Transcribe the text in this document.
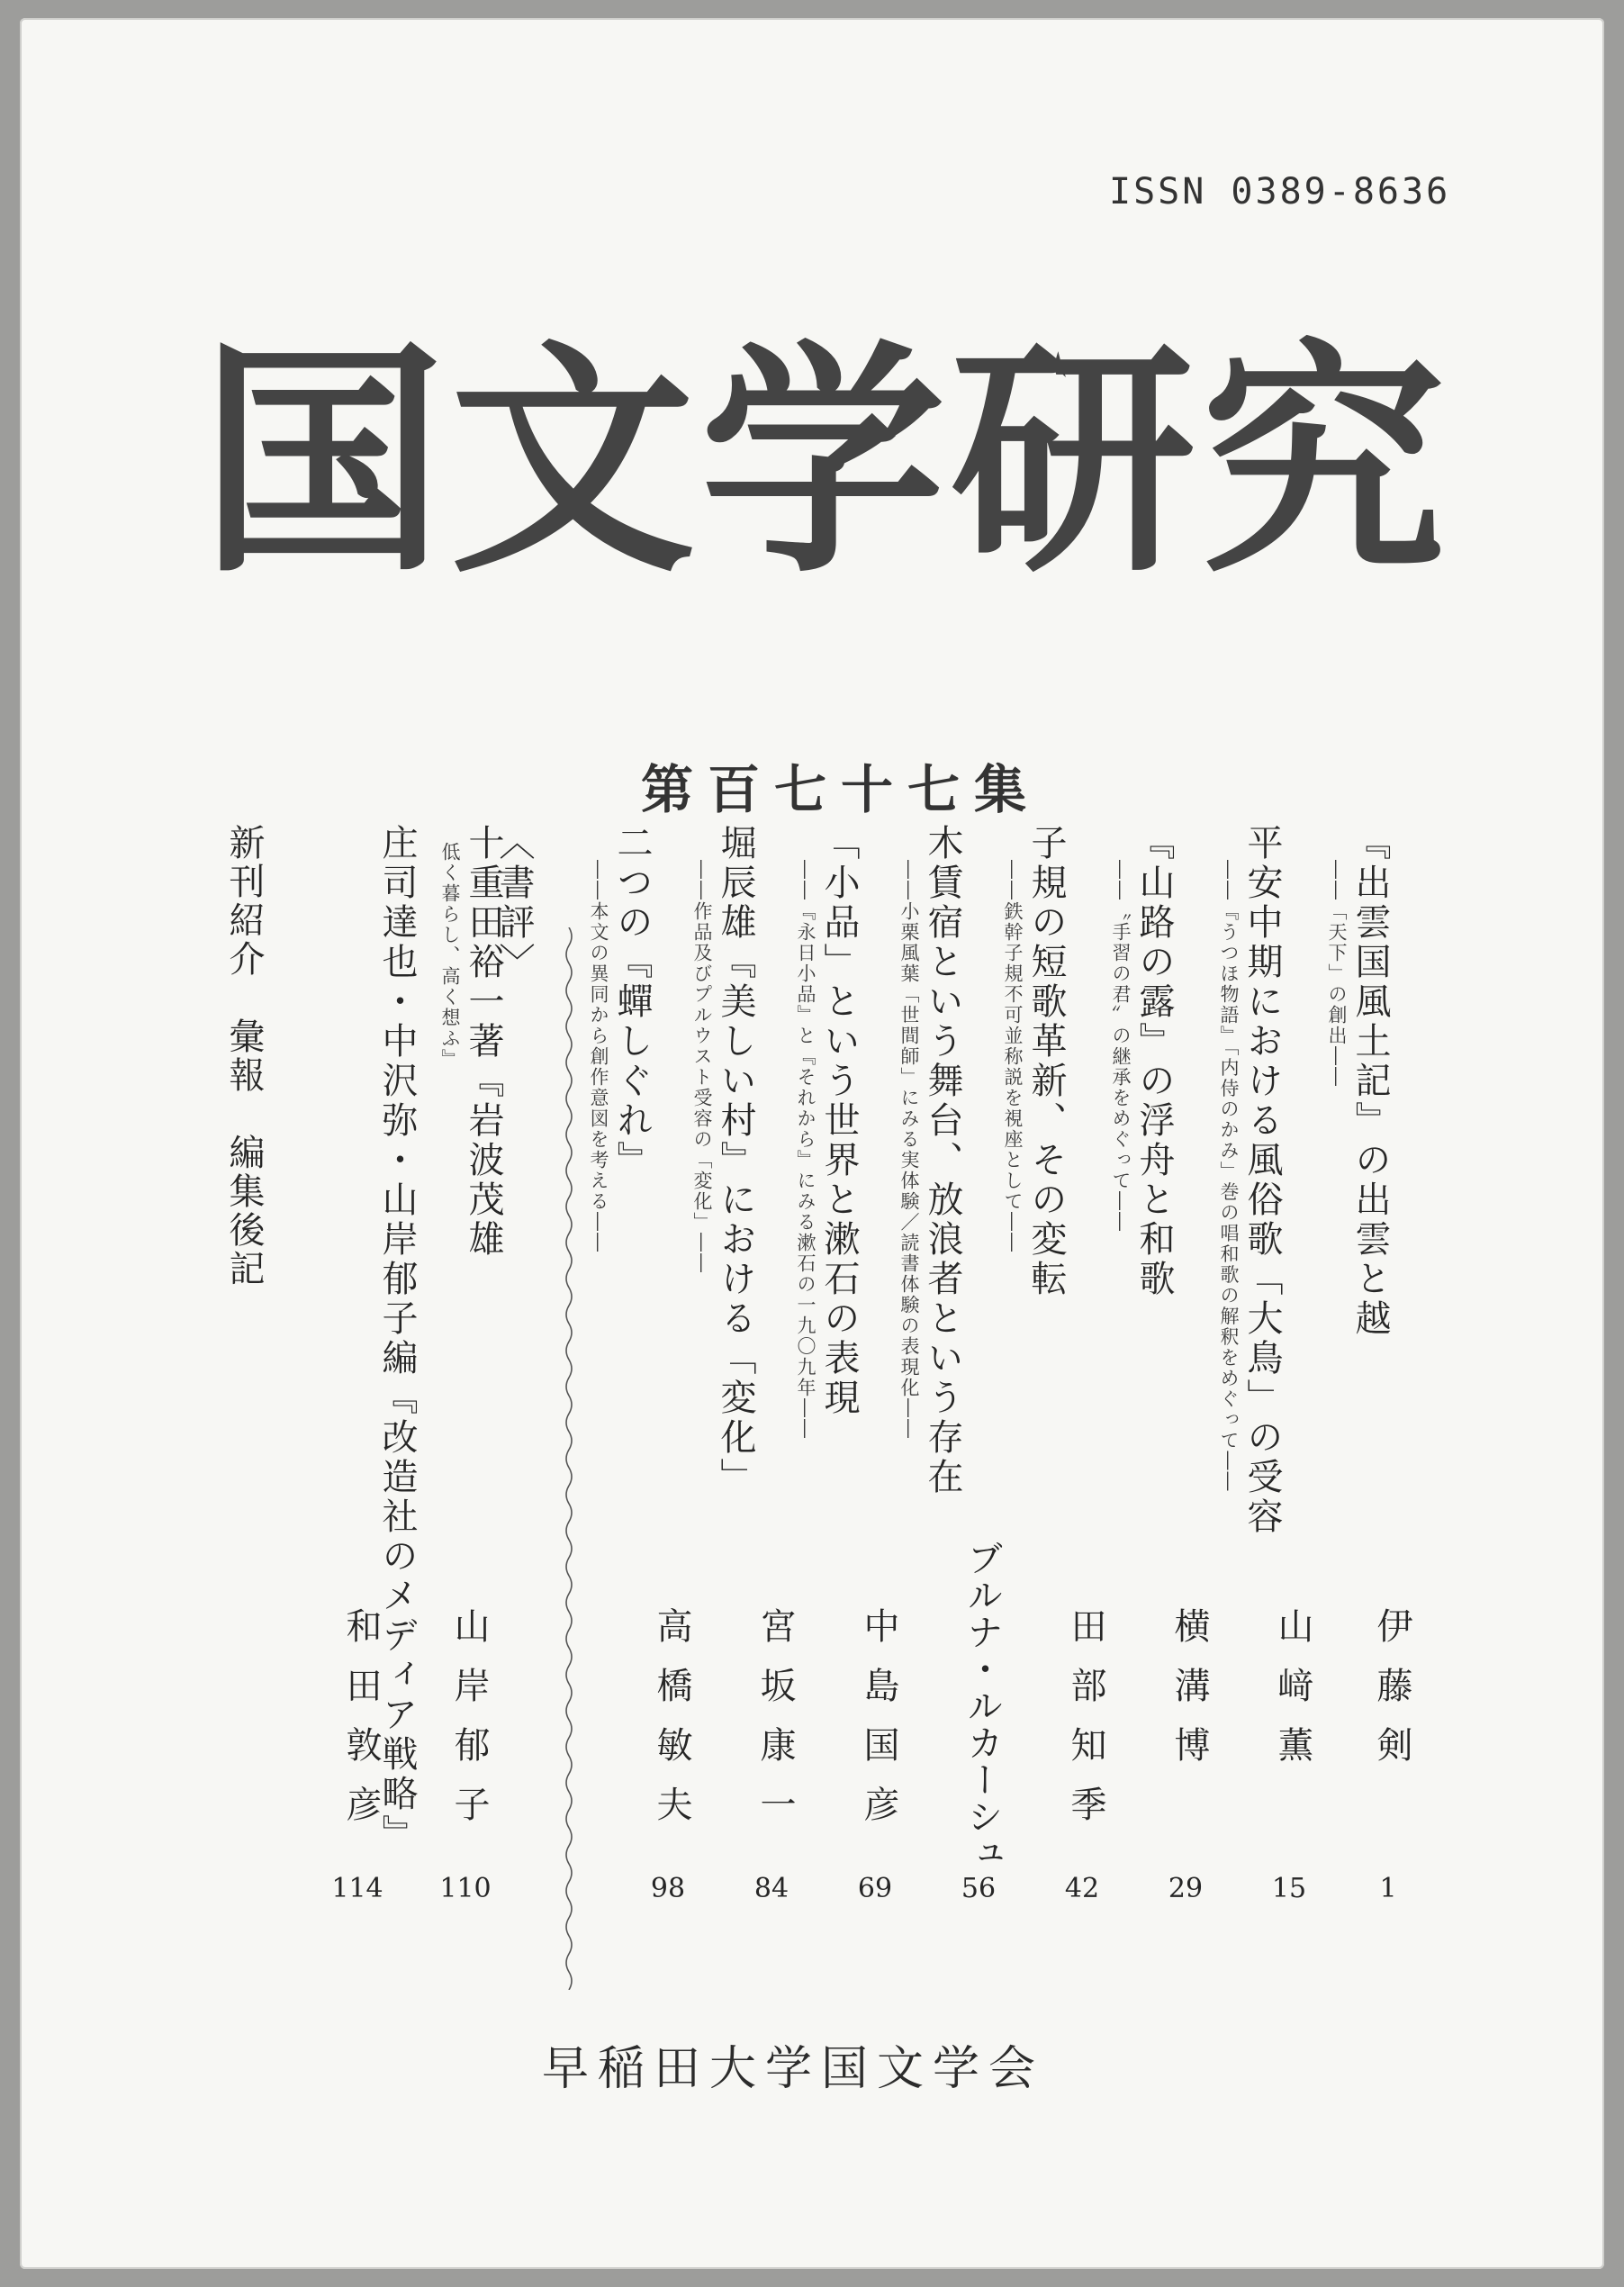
ISSN 0389-8636
国文学研究
第百七十七集
『出雲国風土記』の出雲と越
――「天下」の創出――
平安中期における風俗歌「大鳥」の受容
――『うつほ物語』「内侍のかみ」巻の唱和歌の解釈をめぐって――
『山路の露』の浮舟と和歌
――〝手習の君〟の継承をめぐって――
子規の短歌革新、その変転
――鉄幹子規不可並称説を視座として――
木賃宿という舞台、放浪者という存在
――小栗風葉「世間師」にみる実体験／読書体験の表現化――
「小品」という世界と漱石の表現
――『永日小品』と『それから』にみる漱石の一九〇九年――
堀辰雄『美しい村』における「変化」
――作品及びプルウスト受容の「変化」――
二つの『蟬しぐれ』
――本文の異同から創作意図を考える――
〈書評〉
十重田裕一著『岩波茂雄
低く暮らし、高く想ふ』
庄司達也・中沢弥・山岸郁子編『改造社のメディア戦略』
新刊紹介　彙報　編集後記
伊藤剣
山﨑薫
横溝博
田部知季
ブルナ・ルカーシュ
中島国彦
宮坂康一
高橋敏夫
山岸郁子
和田敦彦
1
15
29
42
56
69
84
98
110
114
早稲田大学国文学会
